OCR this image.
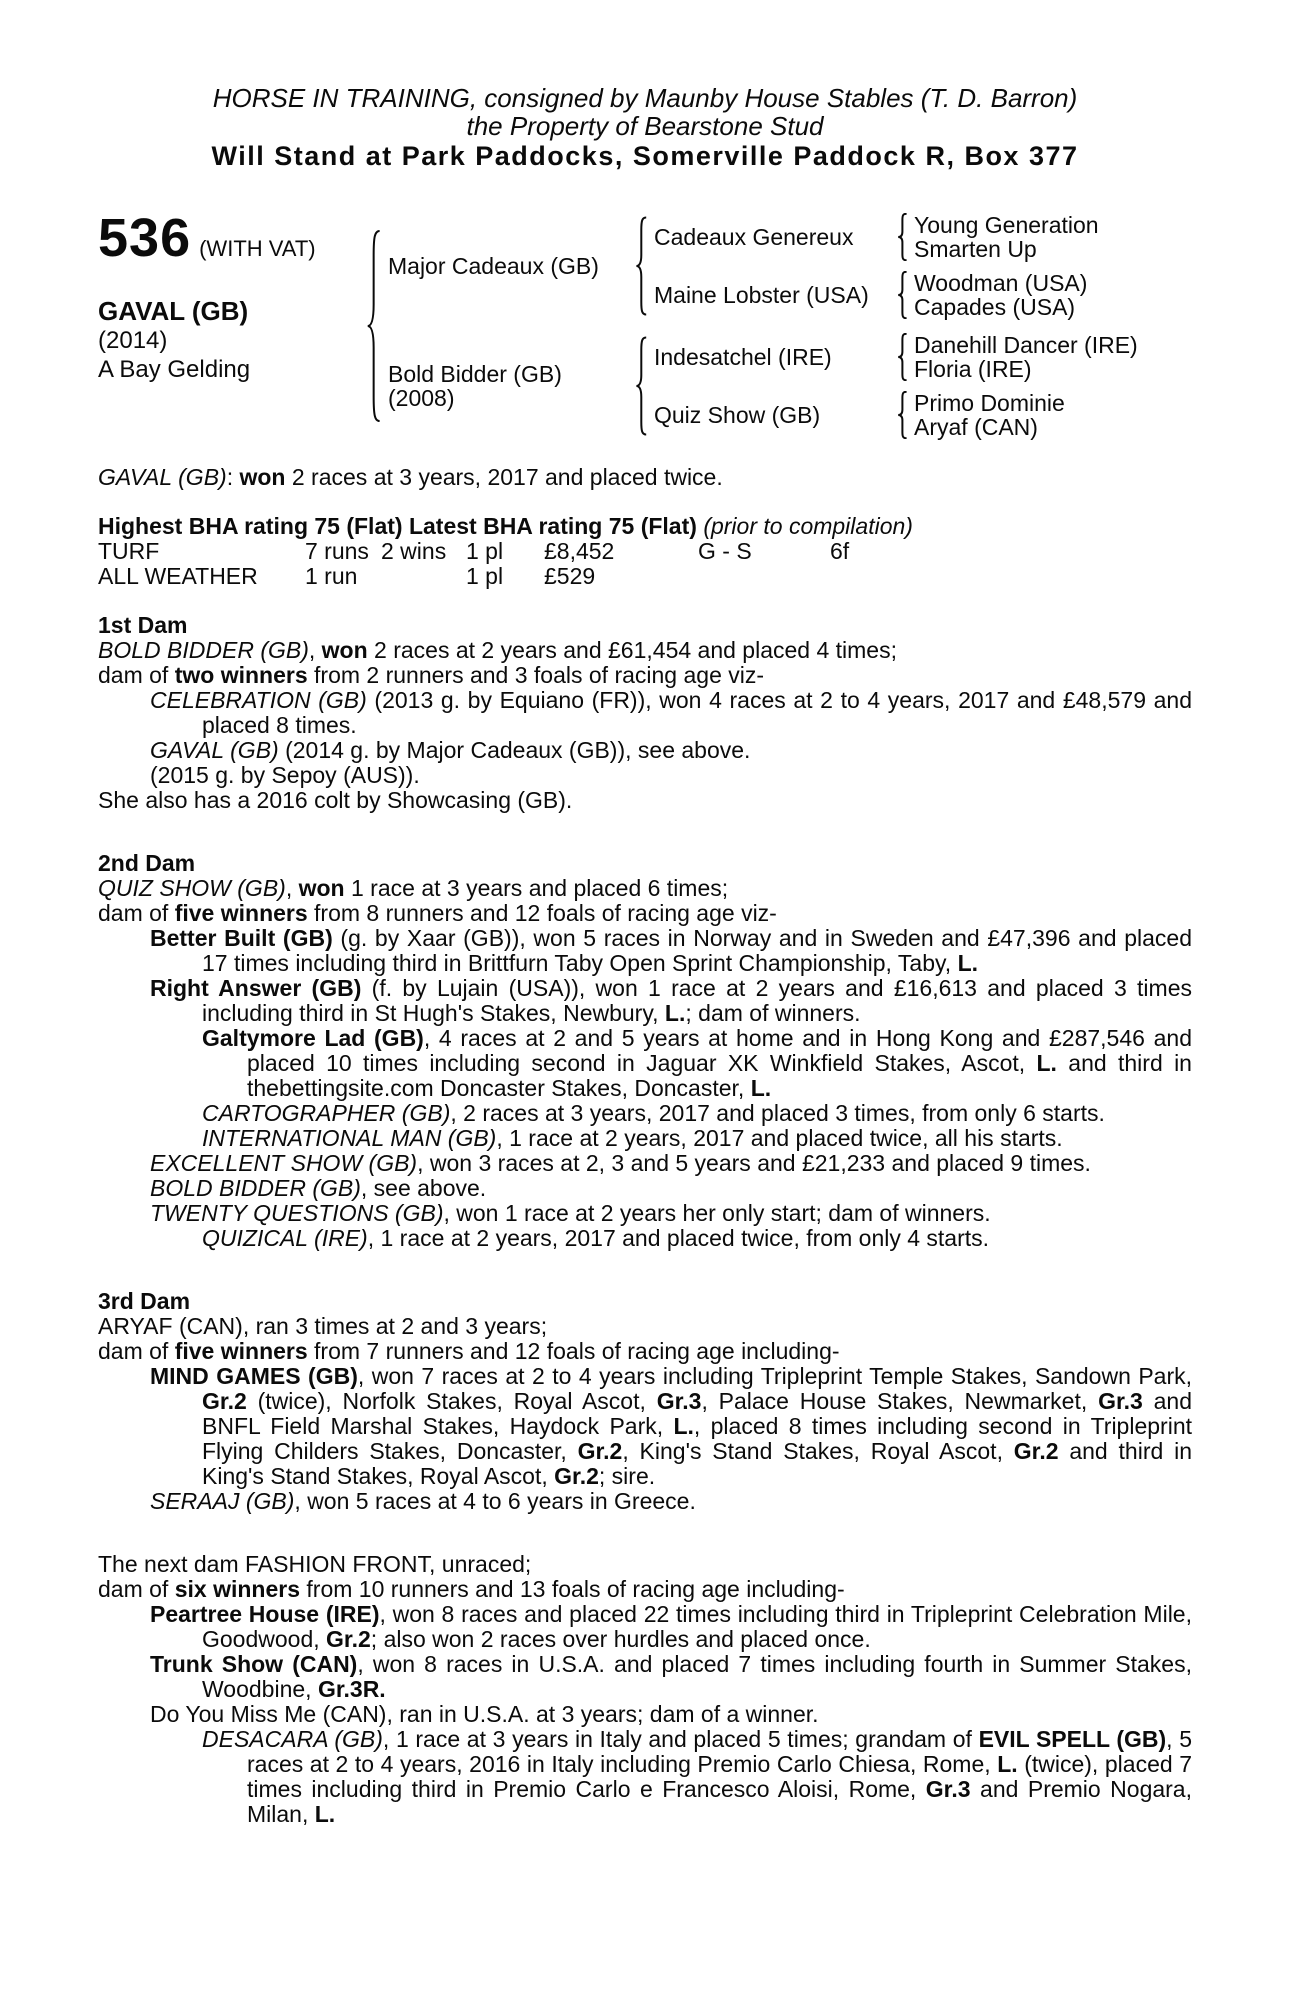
HORSE IN TRAINING, consigned by Maunby House Stables (T. D. Barron)
the Property of Bearstone Stud
Will Stand at Park Paddocks, Somerville Paddock R, Box 377
536 (WITH VAT)
GAVAL (GB)
(2014)
A Bay Gelding
Major Cadeaux (GB)
Cadeaux Genereux	Young Generation
Smarten Up
Maine Lobster (USA)	Woodman (USA)
Capades (USA)
Bold Bidder (GB)
(2008)
Indesatchel (IRE)	Danehill Dancer (IRE)
Floria (IRE)
Quiz Show (GB)	Primo Dominie
Aryaf (CAN)
GAVAL (GB): won 2 races at 3 years, 2017 and placed twice.
Highest BHA rating 75 (Flat) Latest BHA rating 75 (Flat) (prior to compilation)
TURF	7 runs 2 wins 1 pl	£8,452	G - S	6f
ALL WEATHER	1 run	1 pl	£529
1st Dam
BOLD BIDDER (GB), won 2 races at 2 years and £61,454 and placed 4 times;
dam of two winners from 2 runners and 3 foals of racing age viz-
CELEBRATION (GB) (2013 g. by Equiano (FR)), won 4 races at 2 to 4 years, 2017 and £48,579 and placed 8 times.
GAVAL (GB) (2014 g. by Major Cadeaux (GB)), see above.
(2015 g. by Sepoy (AUS)).
She also has a 2016 colt by Showcasing (GB).
2nd Dam
QUIZ SHOW (GB), won 1 race at 3 years and placed 6 times;
dam of five winners from 8 runners and 12 foals of racing age viz-
Better Built (GB) (g. by Xaar (GB)), won 5 races in Norway and in Sweden and £47,396 and placed 17 times including third in Brittfurn Taby Open Sprint Championship, Taby, L.
Right Answer (GB) (f. by Lujain (USA)), won 1 race at 2 years and £16,613 and placed 3 times including third in St Hugh's Stakes, Newbury, L.; dam of winners.
Galtymore Lad (GB), 4 races at 2 and 5 years at home and in Hong Kong and £287,546 and placed 10 times including second in Jaguar XK Winkfield Stakes, Ascot, L. and third in thebettingsite.com Doncaster Stakes, Doncaster, L.
CARTOGRAPHER (GB), 2 races at 3 years, 2017 and placed 3 times, from only 6 starts.
INTERNATIONAL MAN (GB), 1 race at 2 years, 2017 and placed twice, all his starts.
EXCELLENT SHOW (GB), won 3 races at 2, 3 and 5 years and £21,233 and placed 9 times.
BOLD BIDDER (GB), see above.
TWENTY QUESTIONS (GB), won 1 race at 2 years her only start; dam of winners.
QUIZICAL (IRE), 1 race at 2 years, 2017 and placed twice, from only 4 starts.
3rd Dam
ARYAF (CAN), ran 3 times at 2 and 3 years;
dam of five winners from 7 runners and 12 foals of racing age including-
MIND GAMES (GB), won 7 races at 2 to 4 years including Tripleprint Temple Stakes, Sandown Park, Gr.2 (twice), Norfolk Stakes, Royal Ascot, Gr.3, Palace House Stakes, Newmarket, Gr.3 and BNFL Field Marshal Stakes, Haydock Park, L., placed 8 times including second in Tripleprint Flying Childers Stakes, Doncaster, Gr.2, King's Stand Stakes, Royal Ascot, Gr.2 and third in King's Stand Stakes, Royal Ascot, Gr.2; sire.
SERAAJ (GB), won 5 races at 4 to 6 years in Greece.
The next dam FASHION FRONT, unraced;
dam of six winners from 10 runners and 13 foals of racing age including-
Peartree House (IRE), won 8 races and placed 22 times including third in Tripleprint Celebration Mile, Goodwood, Gr.2; also won 2 races over hurdles and placed once.
Trunk Show (CAN), won 8 races in U.S.A. and placed 7 times including fourth in Summer Stakes, Woodbine, Gr.3R.
Do You Miss Me (CAN), ran in U.S.A. at 3 years; dam of a winner.
DESACARA (GB), 1 race at 3 years in Italy and placed 5 times; grandam of EVIL SPELL (GB), 5 races at 2 to 4 years, 2016 in Italy including Premio Carlo Chiesa, Rome, L. (twice), placed 7 times including third in Premio Carlo e Francesco Aloisi, Rome, Gr.3 and Premio Nogara, Milan, L.
